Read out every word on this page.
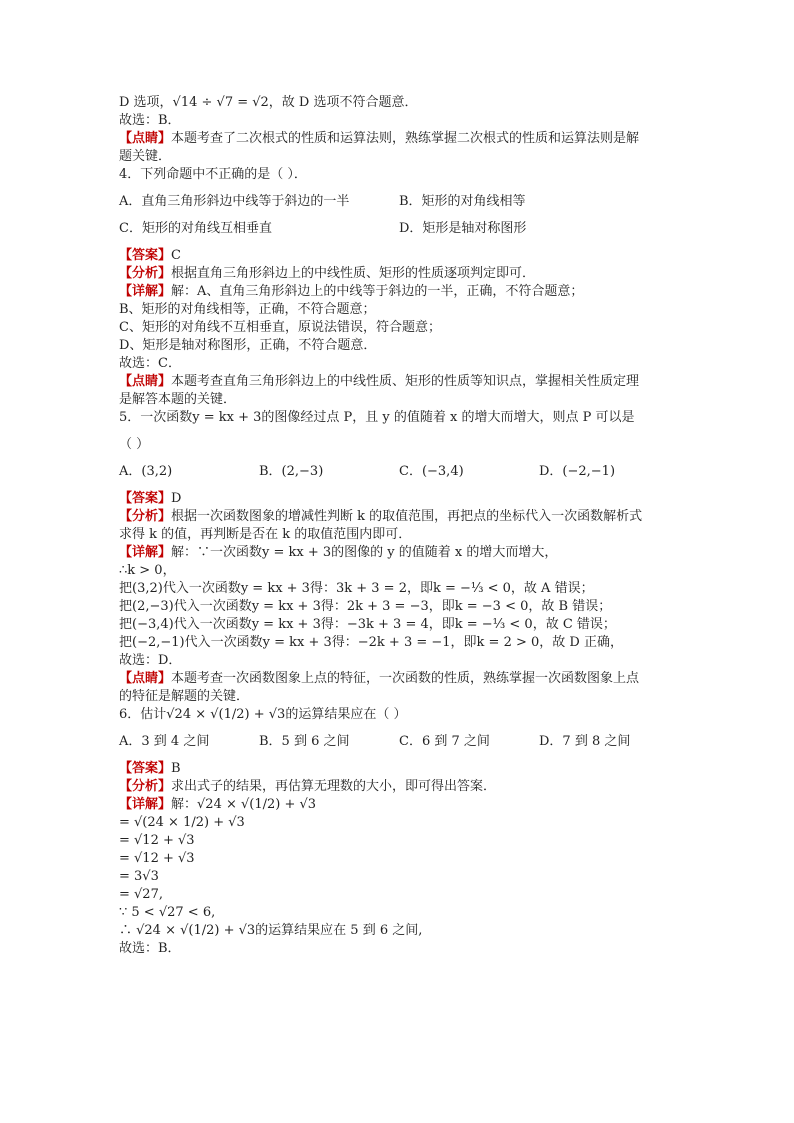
D 选项，√14 ÷ √7 = √2，故 D 选项不符合题意．
故选：B．
【点睛】本题考查了二次根式的性质和运算法则，熟练掌握二次根式的性质和运算法则是解
题关键．
4．下列命题中不正确的是（ ）．
A．直角三角形斜边中线等于斜边的一半	B．矩形的对角线相等
C．矩形的对角线互相垂直	D．矩形是轴对称图形
【答案】C
【分析】根据直角三角形斜边上的中线性质、矩形的性质逐项判定即可．
【详解】解：A、直角三角形斜边上的中线等于斜边的一半，正确，不符合题意；
B、矩形的对角线相等，正确，不符合题意；
C、矩形的对角线不互相垂直，原说法错误，符合题意；
D、矩形是轴对称图形，正确，不符合题意．
故选：C．
【点睛】本题考查直角三角形斜边上的中线性质、矩形的性质等知识点，掌握相关性质定理
是解答本题的关键．
5．一次函数y = kx + 3的图像经过点 P，且 y 的值随着 x 的增大而增大，则点 P 可以是
（ ）
A．(3,2)	B．(2,−3)	C．(−3,4)	D．(−2,−1)
【答案】D
【分析】根据一次函数图象的增减性判断 k 的取值范围，再把点的坐标代入一次函数解析式
求得 k 的值，再判断是否在 k 的取值范围内即可．
【详解】解：∵一次函数y = kx + 3的图像的 y 的值随着 x 的增大而增大，
∴k > 0，
把(3,2)代入一次函数y = kx + 3得：3k + 3 = 2，即k = −⅓ < 0，故 A 错误；
把(2,−3)代入一次函数y = kx + 3得：2k + 3 = −3，即k = −3 < 0，故 B 错误；
把(−3,4)代入一次函数y = kx + 3得：−3k + 3 = 4，即k = −⅓ < 0，故 C 错误；
把(−2,−1)代入一次函数y = kx + 3得：−2k + 3 = −1，即k = 2 > 0，故 D 正确，
故选：D．
【点睛】本题考查一次函数图象上点的特征，一次函数的性质，熟练掌握一次函数图象上点
的特征是解题的关键．
6．估计√24 × √(1/2) + √3的运算结果应在（ ）
A．3 到 4 之间	B．5 到 6 之间	C．6 到 7 之间	D．7 到 8 之间
【答案】B
【分析】求出式子的结果，再估算无理数的大小，即可得出答案．
【详解】解：√24 × √(1/2) + √3
= √(24 × 1/2) + √3
= √12 + √3
= √12 + √3
= 3√3
= √27,
∵ 5 < √27 < 6,
∴ √24 × √(1/2) + √3的运算结果应在 5 到 6 之间,
故选：B．
